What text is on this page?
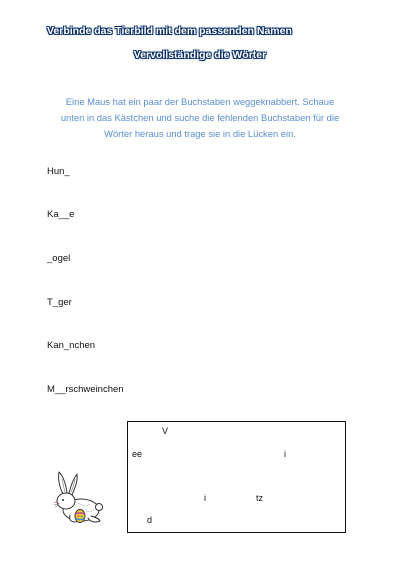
Verbinde das Tierbild mit dem passenden Namen
Vervollständige die Wörter
Eine Maus hat ein paar der Buchstaben weggeknabbert. Schaue
unten in das Kästchen und suche die fehlenden Buchstaben für die
Wörter heraus und trage sie in die Lücken ein.
Hun_
Ka__e
_ogel
T_ger
Kan_nchen
M__rschweinchen
V
ee	i
i	tz
d
